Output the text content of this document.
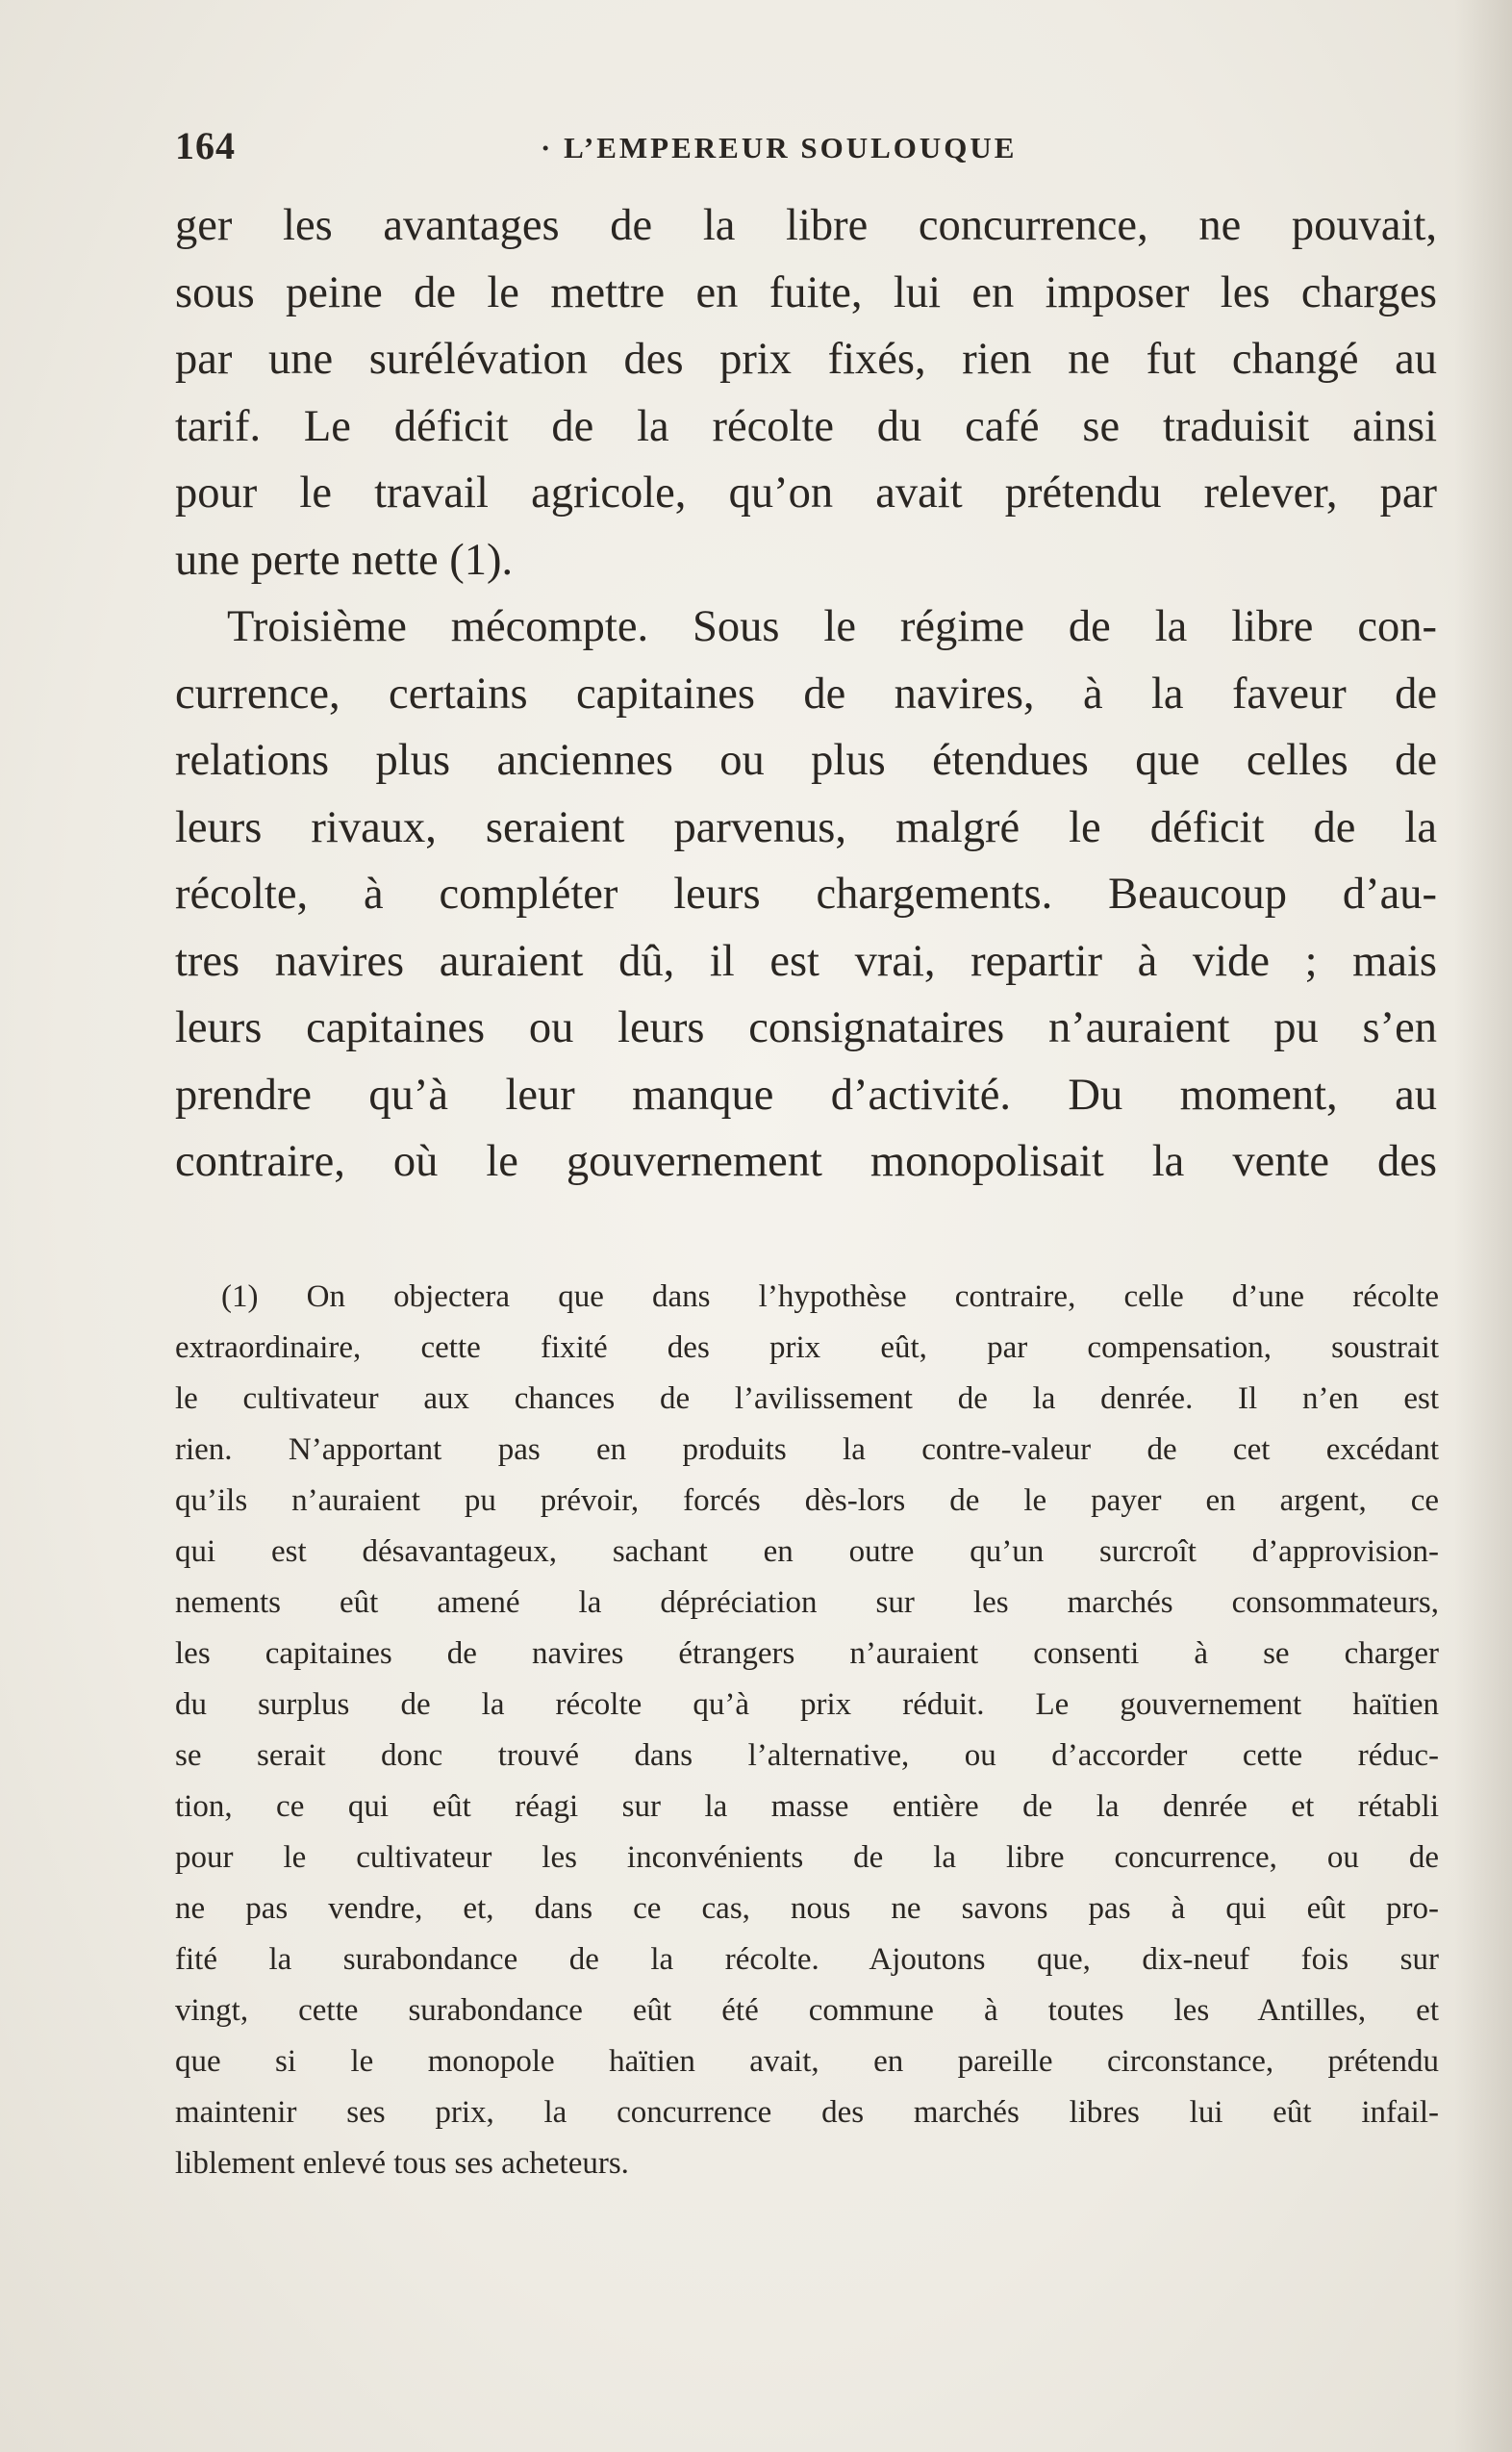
164	· L’EMPEREUR SOULOUQUE
ger les avantages de la libre concurrence, ne pouvait,
sous peine de le mettre en fuite, lui en imposer les charges
par une surélévation des prix fixés, rien ne fut changé au
tarif. Le déficit de la récolte du café se traduisit ainsi
pour le travail agricole, qu’on avait prétendu relever, par
une perte nette (1).
Troisième mécompte. Sous le régime de la libre con-
currence, certains capitaines de navires, à la faveur de
relations plus anciennes ou plus étendues que celles de
leurs rivaux, seraient parvenus, malgré le déficit de la
récolte, à compléter leurs chargements. Beaucoup d’au-
tres navires auraient dû, il est vrai, repartir à vide ; mais
leurs capitaines ou leurs consignataires n’auraient pu s’en
prendre qu’à leur manque d’activité. Du moment, au
contraire, où le gouvernement monopolisait la vente des
(1) On objectera que dans l’hypothèse contraire, celle d’une récolte
extraordinaire, cette fixité des prix eût, par compensation, soustrait
le cultivateur aux chances de l’avilissement de la denrée. Il n’en est
rien. N’apportant pas en produits la contre-valeur de cet excédant
qu’ils n’auraient pu prévoir, forcés dès-lors de le payer en argent, ce
qui est désavantageux, sachant en outre qu’un surcroît d’approvision-
nements eût amené la dépréciation sur les marchés consommateurs,
les capitaines de navires étrangers n’auraient consenti à se charger
du surplus de la récolte qu’à prix réduit. Le gouvernement haïtien
se serait donc trouvé dans l’alternative, ou d’accorder cette réduc-
tion, ce qui eût réagi sur la masse entière de la denrée et rétabli
pour le cultivateur les inconvénients de la libre concurrence, ou de
ne pas vendre, et, dans ce cas, nous ne savons pas à qui eût pro-
fité la surabondance de la récolte. Ajoutons que, dix-neuf fois sur
vingt, cette surabondance eût été commune à toutes les Antilles, et
que si le monopole haïtien avait, en pareille circonstance, prétendu
maintenir ses prix, la concurrence des marchés libres lui eût infail-
liblement enlevé tous ses acheteurs.
